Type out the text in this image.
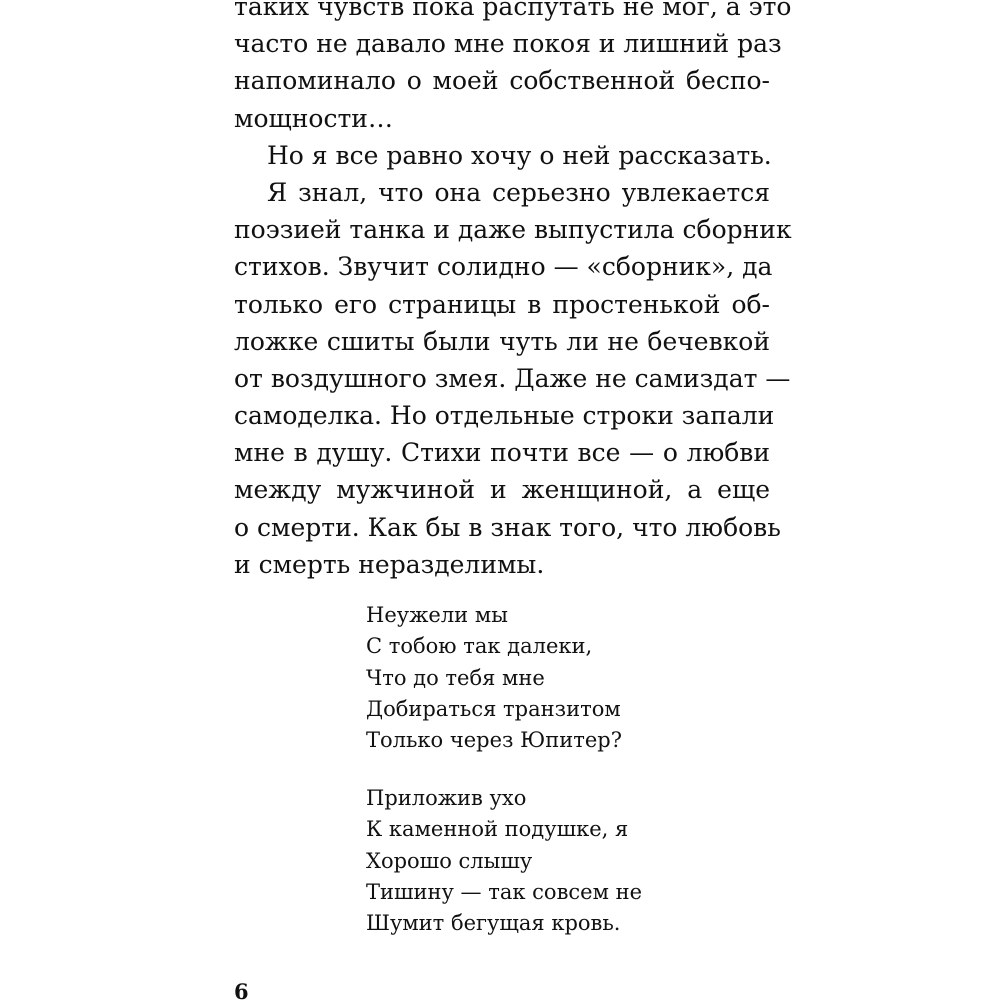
таких чувств пока распутать не мог, а это
часто не давало мне покоя и лишний раз
напоминало о моей собственной беспо-
мощности…
Но я все равно хочу о ней рассказать.
Я знал, что она серьезно увлекается
поэзией танка и даже выпустила сборник
стихов. Звучит солидно — «сборник», да
только его страницы в простенькой об-
ложке сшиты были чуть ли не бечевкой
от воздушного змея. Даже не самиздат —
самоделка. Но отдельные строки запали
мне в душу. Стихи почти все — о любви
между мужчиной и женщиной, а еще
о смерти. Как бы в знак того, что любовь
и смерть неразделимы.
Неужели мы
С тобою так далеки,
Что до тебя мне
Добираться транзитом
Только через Юпитер?
Приложив ухо
К каменной подушке, я
Хорошо слышу
Тишину — так совсем не
Шумит бегущая кровь.
6
